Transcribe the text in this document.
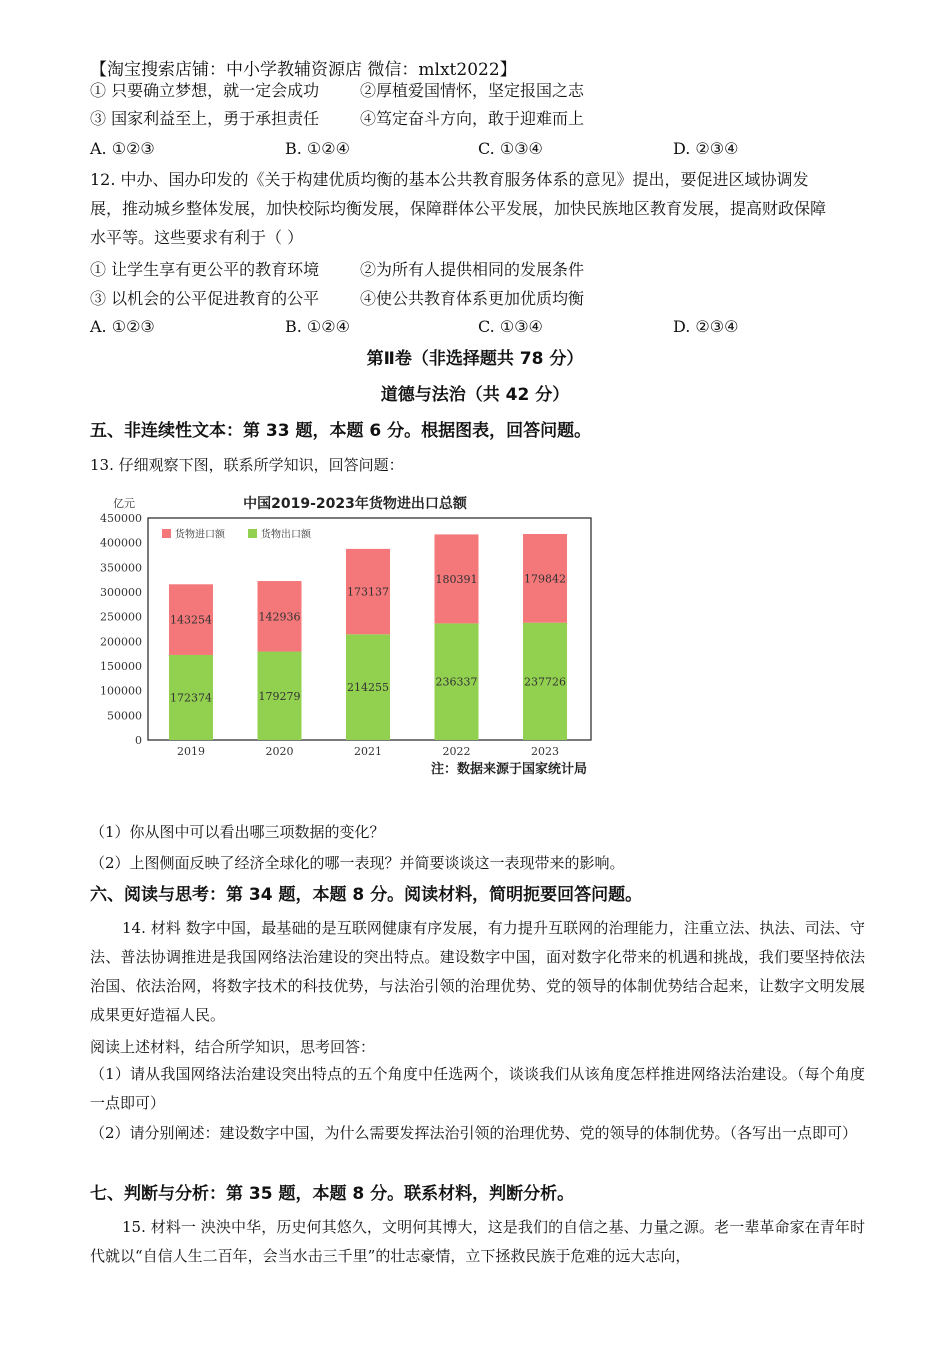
【淘宝搜索店铺：中小学教辅资源店 微信：mlxt2022】
① 只要确立梦想，就一定会成功	②厚植爱国情怀，坚定报国之志
③ 国家利益至上，勇于承担责任	④笃定奋斗方向，敢于迎难而上
A. ①②③	B. ①②④	C. ①③④	D. ②③④
12. 中办、国办印发的《关于构建优质均衡的基本公共教育服务体系的意见》提出，要促进区域协调发
展，推动城乡整体发展，加快校际均衡发展，保障群体公平发展，加快民族地区教育发展，提高财政保障
水平等。这些要求有利于（ ）
① 让学生享有更公平的教育环境	②为所有人提供相同的发展条件
③ 以机会的公平促进教育的公平	④使公共教育体系更加优质均衡
A. ①②③	B. ①②④	C. ①③④	D. ②③④
第Ⅱ卷（非选择题共 78 分）
道德与法治（共 42 分）
五、非连续性文本：第 33 题，本题 6 分。根据图表，回答问题。
13. 仔细观察下图，联系所学知识，回答问题：
中国2019-2023年货物进出口总额
亿元
0
50000
100000
150000
200000
250000
300000
350000
400000
450000
172374
143254
179279
142936
214255
173137
236337
180391
237726
179842
2019	2020	2021	2022	2023
货物进口额	货物出口额
注：数据来源于国家统计局
（1）你从图中可以看出哪三项数据的变化？
（2）上图侧面反映了经济全球化的哪一表现？并简要谈谈这一表现带来的影响。
六、阅读与思考：第 34 题，本题 8 分。阅读材料，简明扼要回答问题。
14. 材料 数字中国，最基础的是互联网健康有序发展，有力提升互联网的治理能力，注重立法、执法、司法、守法、普法协调推进是我国网络法治建设的突出特点。建设数字中国，面对数字化带来的机遇和挑战，我们要坚持依法治国、依法治网，将数字技术的科技优势，与法治引领的治理优势、党的领导的体制优势结合起来，让数字文明发展成果更好造福人民。
阅读上述材料，结合所学知识，思考回答：
（1）请从我国网络法治建设突出特点的五个角度中任选两个，谈谈我们从该角度怎样推进网络法治建设。（每个角度一点即可）
（2）请分别阐述：建设数字中国，为什么需要发挥法治引领的治理优势、党的领导的体制优势。（各写出一点即可）
七、判断与分析：第 35 题，本题 8 分。联系材料，判断分析。
15. 材料一 泱泱中华，历史何其悠久，文明何其博大，这是我们的自信之基、力量之源。老一辈革命家在青年时代就以“自信人生二百年，会当水击三千里”的壮志豪情，立下拯救民族于危难的远大志向，
